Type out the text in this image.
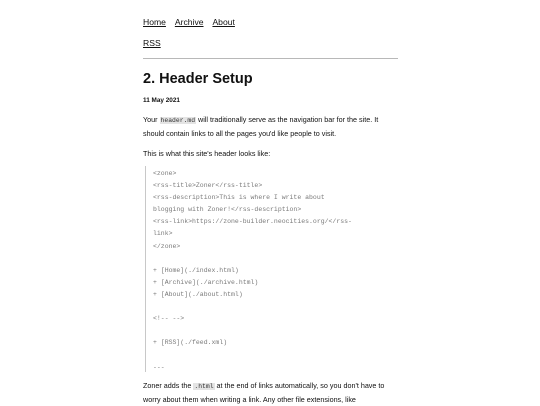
Home Archive About
RSS
2. Header Setup
11 May 2021

Your header.md will traditionally serve as the navigation bar for the site. It should contain links to all the pages you'd like people to visit.

This is what this site's header looks like:

<zone>
<rss-title>Zoner</rss-title>
<rss-description>This is where I write about
blogging with Zoner!</rss-description>
<rss-link>https://zone-builder.neocities.org/</rss-
link>
</zone>

+ [Home](./index.html)
+ [Archive](./archive.html)
+ [About](./about.html)

<!-- -->

+ [RSS](./feed.xml)

---

Zoner adds the .html at the end of links automatically, so you don't have to worry about them when writing a link. Any other file extensions, like
